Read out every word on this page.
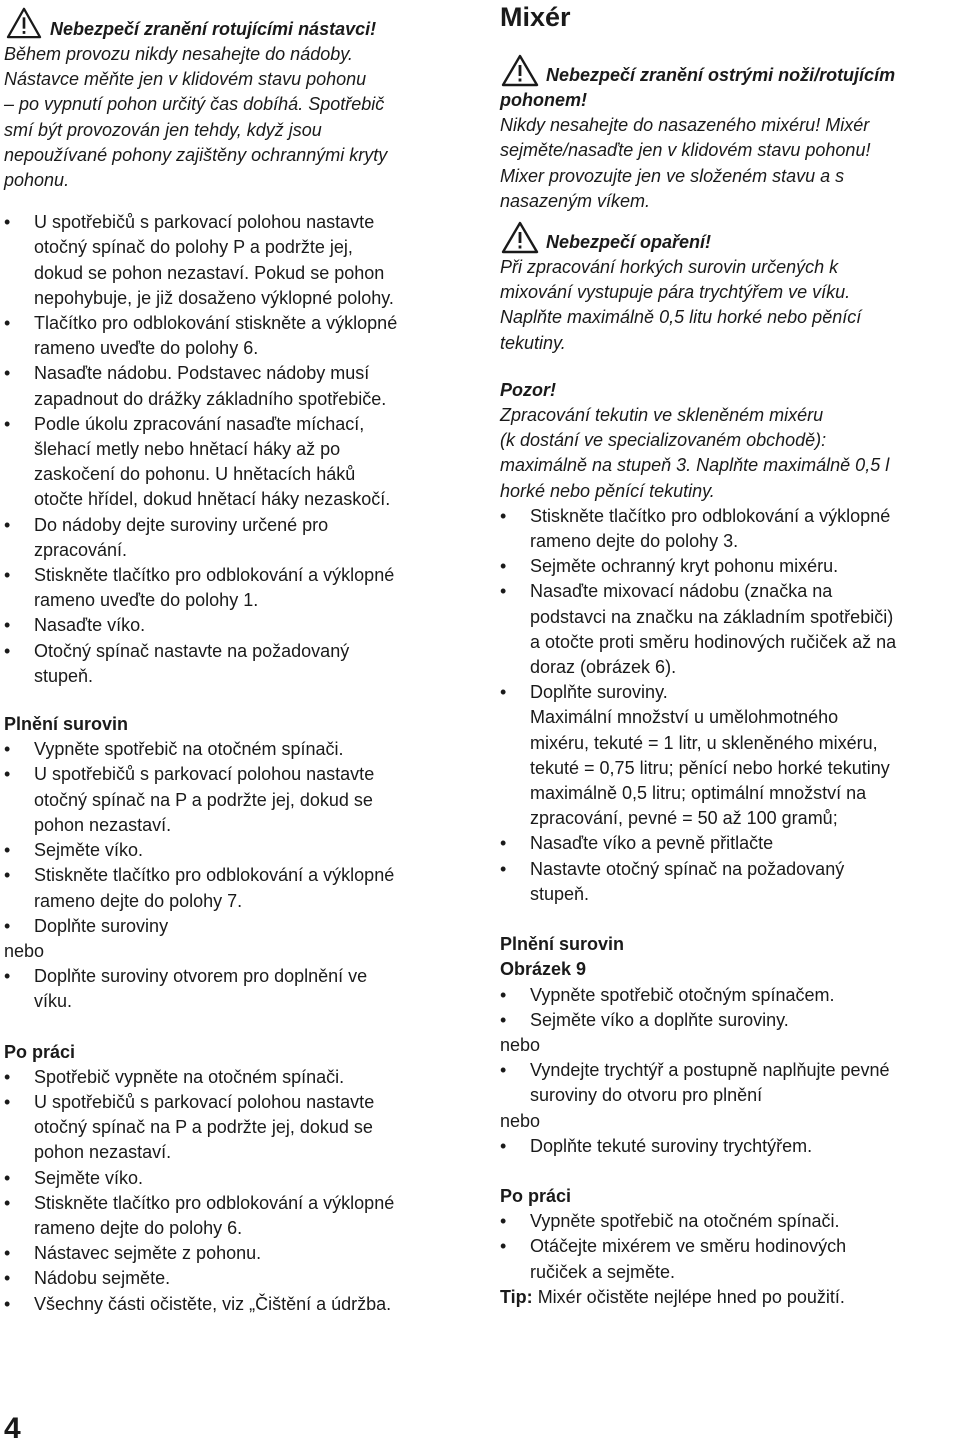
Nebezpečí zranění rotujícími nástavci!

Během provozu nikdy nesahejte do nádoby.

Nástavce měňte jen v klidovém stavu pohonu

– po vypnutí pohon určitý čas dobíhá. Spotřebič

smí být provozován jen tehdy, když jsou

nepoužívané pohony zajištěny ochrannými kryty

pohonu.

•	U spotřebičů s parkovací polohou nastavte
otočný spínač do polohy P a podržte jej,
dokud se pohon nezastaví. Pokud se pohon
nepohybuje, je již dosaženo výklopné polohy.
•	Tlačítko pro odblokování stiskněte a výklopné
rameno uveďte do polohy 6.
•	Nasaďte nádobu. Podstavec nádoby musí
zapadnout do drážky základního spotřebiče.
•	Podle úkolu zpracování nasaďte míchací,
šlehací metly nebo hnětací háky až po
zaskočení do pohonu. U hnětacích háků
otočte hřídel, dokud hnětací háky nezaskočí.
•	Do nádoby dejte suroviny určené pro
zpracování.
•	Stiskněte tlačítko pro odblokování a výklopné
rameno uveďte do polohy 1.
•	Nasaďte víko.
•	Otočný spínač nastavte na požadovaný
stupeň.
Plnění surovin
•	Vypněte spotřebič na otočném spínači.
•	U spotřebičů s parkovací polohou nastavte
otočný spínač na P a podržte jej, dokud se
pohon nezastaví.
•	Sejměte víko.
•	Stiskněte tlačítko pro odblokování a výklopné
rameno dejte do polohy 7.
•	Doplňte suroviny

nebo

•	Doplňte suroviny otvorem pro doplnění ve
víku.
Po práci
•	Spotřebič vypněte na otočném spínači.
•	U spotřebičů s parkovací polohou nastavte
otočný spínač na P a podržte jej, dokud se
pohon nezastaví.
•	Sejměte víko.
•	Stiskněte tlačítko pro odblokování a výklopné
rameno dejte do polohy 6.
•	Nástavec sejměte z pohonu.
•	Nádobu sejměte.
•	Všechny části očistěte, viz „Čištění a údržba.
Mixér
Nebezpečí zranění ostrými noži/rotujícím

pohonem!

Nikdy nesahejte do nasazeného mixéru! Mixér

sejměte/nasaďte jen v klidovém stavu pohonu!

Mixer provozujte jen ve složeném stavu a s

nasazeným víkem.

Nebezpečí opaření!

Při zpracování horkých surovin určených k

mixování vystupuje pára trychtýřem ve víku.

Naplňte maximálně 0,5 litu horké nebo pěnící

tekutiny.

Pozor!

Zpracování tekutin ve skleněném mixéru

(k dostání ve specializovaném obchodě):

maximálně na stupeň 3. Naplňte maximálně 0,5 l

horké nebo pěnící tekutiny.

•	Stiskněte tlačítko pro odblokování a výklopné
rameno dejte do polohy 3.
•	Sejměte ochranný kryt pohonu mixéru.
•	Nasaďte mixovací nádobu (značka na
podstavci na značku na základním spotřebiči)
a otočte proti směru hodinových ručiček až na
doraz (obrázek 6).
•	Doplňte suroviny.
Maximální množství u umělohmotného
mixéru, tekuté = 1 litr, u skleněného mixéru,
tekuté = 0,75 litru; pěnící nebo horké tekutiny
maximálně 0,5 litru; optimální množství na
zpracování, pevné = 50 až 100 gramů;
•	Nasaďte víko a pevně přitlačte
•	Nastavte otočný spínač na požadovaný
stupeň.
Plnění surovin
Obrázek 9
•	Vypněte spotřebič otočným spínačem.
•	Sejměte víko a doplňte suroviny.

nebo

•	Vyndejte trychtýř a postupně naplňujte pevné
suroviny do otvoru pro plnění

nebo

•	Doplňte tekuté suroviny trychtýřem.
Po práci
•	Vypněte spotřebič na otočném spínači.
•	Otáčejte mixérem ve směru hodinových
ručiček a sejměte.

Tip: Mixér očistěte nejlépe hned po použití.

4
